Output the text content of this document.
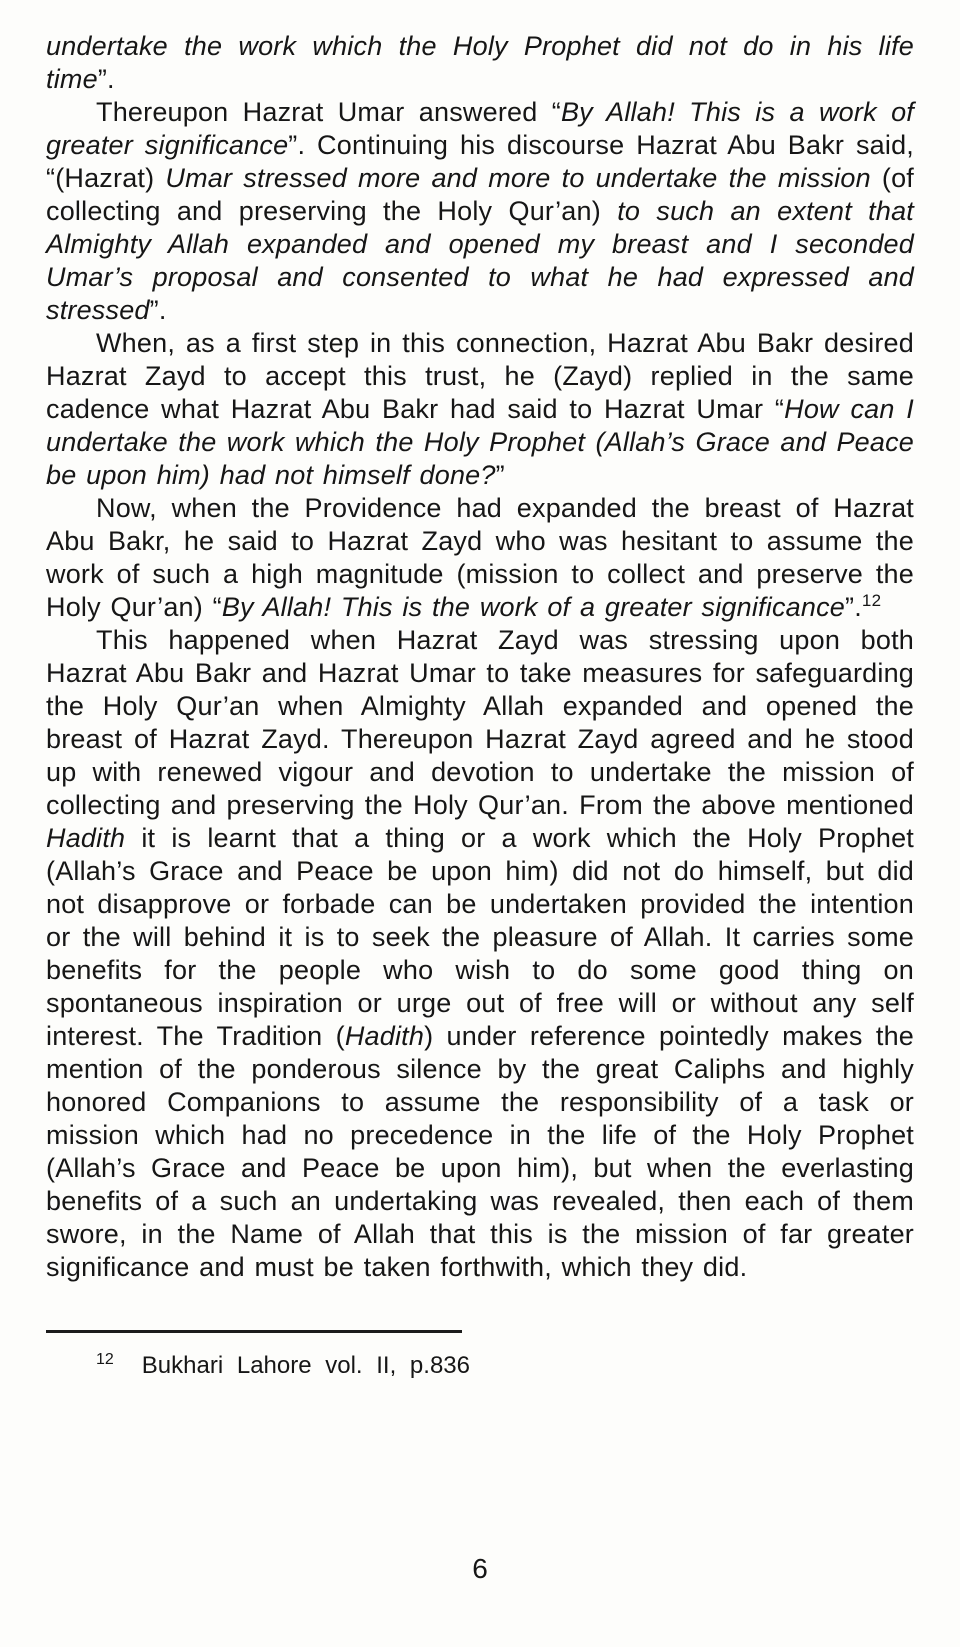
undertake the work which the Holy Prophet did not do in his life time”.

Thereupon Hazrat Umar answered “By Allah! This is a work of greater significance”. Continuing his discourse Hazrat Abu Bakr said, “(Hazrat) Umar stressed more and more to undertake the mission (of collecting and preserving the Holy Qur’an) to such an extent that Almighty Allah expanded and opened my breast and I seconded Umar’s proposal and consented to what he had expressed and stressed”.

When, as a first step in this connection, Hazrat Abu Bakr desired Hazrat Zayd to accept this trust, he (Zayd) replied in the same cadence what Hazrat Abu Bakr had said to Hazrat Umar “How can I undertake the work which the Holy Prophet (Allah’s Grace and Peace be upon him) had not himself done?”

Now, when the Providence had expanded the breast of Hazrat Abu Bakr, he said to Hazrat Zayd who was hesitant to assume the work of such a high magnitude (mission to collect and preserve the Holy Qur’an) “By Allah! This is the work of a greater significance”.$^{12}$

This happened when Hazrat Zayd was stressing upon both Hazrat Abu Bakr and Hazrat Umar to take measures for safeguarding the Holy Qur’an when Almighty Allah expanded and opened the breast of Hazrat Zayd. Thereupon Hazrat Zayd agreed and he stood up with renewed vigour and devotion to undertake the mission of collecting and preserving the Holy Qur’an. From the above mentioned Hadith it is learnt that a thing or a work which the Holy Prophet (Allah’s Grace and Peace be upon him) did not do himself, but did not disapprove or forbade can be undertaken provided the intention or the will behind it is to seek the pleasure of Allah. It carries some benefits for the people who wish to do some good thing on spontaneous inspiration or urge out of free will or without any self interest. The Tradition (Hadith) under reference pointedly makes the mention of the ponderous silence by the great Caliphs and highly honored Companions to assume the responsibility of a task or mission which had no precedence in the life of the Holy Prophet (Allah’s Grace and Peace be upon him), but when the everlasting benefits of a such an undertaking was revealed, then each of them swore, in the Name of Allah that this is the mission of far greater significance and must be taken forthwith, which they did.

$^{12}$ Bukhari Lahore vol. II, p.836
6
